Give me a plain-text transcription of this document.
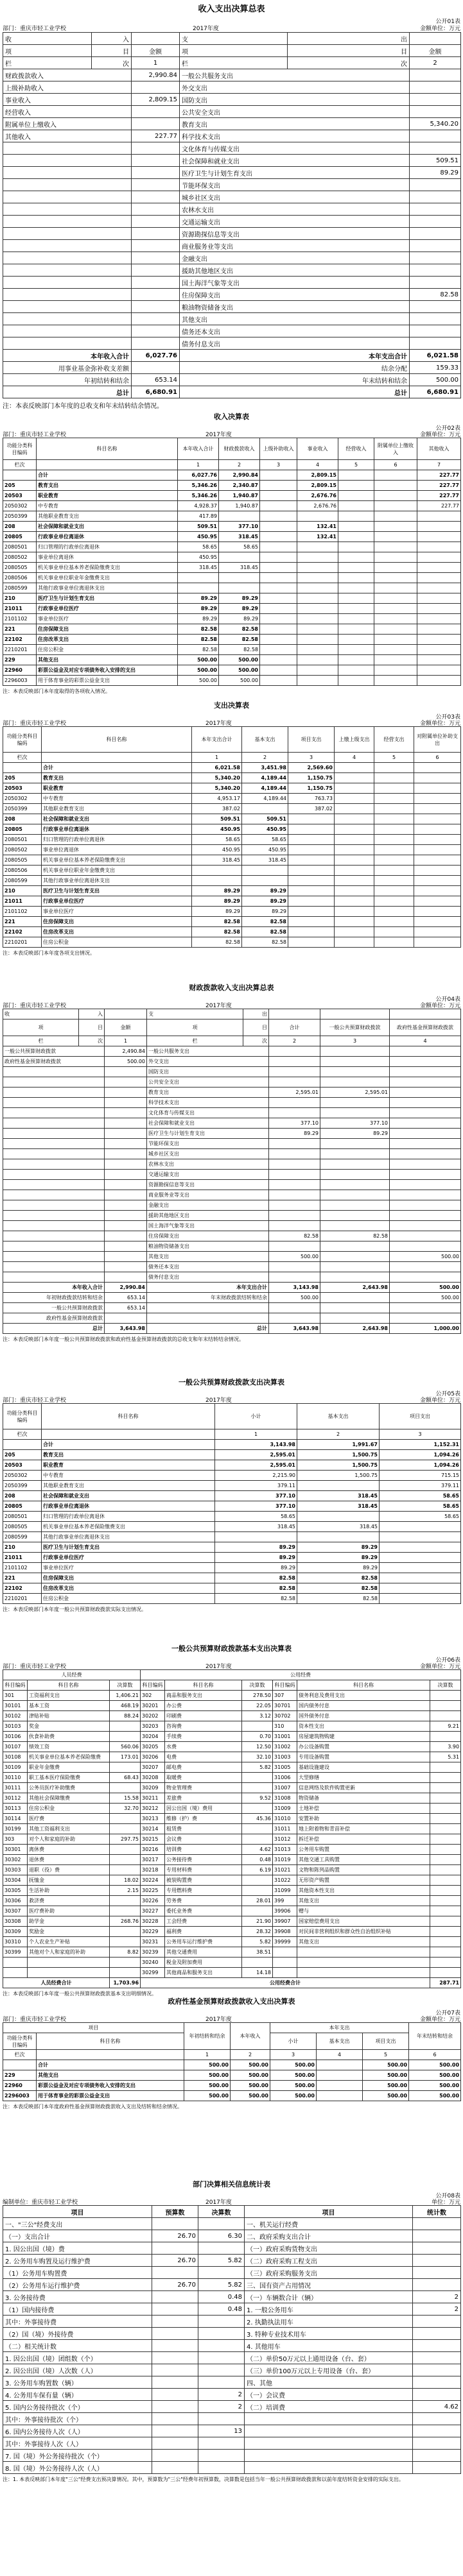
收入支出决算总表
公开01表
部门：重庆市轻工业学校	2017年度	金额单位：万元
收	入		支	出	
项	目	金额	项	目	金额
栏	次	1	栏	次	2
财政拨款收入		2,990.84	一般公共服务支出		
上级补助收入			外交支出		
事业收入		2,809.15	国防支出		
经营收入			公共安全支出		
附属单位上缴收入			教育支出		5,340.20
其他收入		227.77	科学技术支出		
			文化体育与传媒支出		
			社会保障和就业支出		509.51
			医疗卫生与计划生育支出		89.29
			节能环保支出		
			城乡社区支出		
			农林水支出		
			交通运输支出		
			资源勘探信息等支出		
			商业服务业等支出		
			金融支出		
			援助其他地区支出		
			国土海洋气象等支出		
			住房保障支出		82.58
			粮油物资储备支出		
			其他支出		
			债务还本支出		
			债务付息支出		
本年收入合计		6,027.76	本年支出合计		6,021.58
用事业基金弥补收支差额			结余分配		159.33
年初结转和结余		653.14	年末结转和结余		500.00
总计		6,680.91	总计		6,680.91
注：本表反映部门本年度的总收支和年末结转结余情况。
收入决算表
公开02表
部门：重庆市轻工业学校	2017年度	金额单位：万元
功能分类科目编码	科目名称	本年收入合计	财政拨款收入	上级补助收入	事业收入	经营收入	附属单位上缴收入	其他收入
栏次		1	2	3	4	5	6	7
	合计	6,027.76	2,990.84		2,809.15			227.77
205	教育支出	5,346.26	2,340.87		2,809.15			227.77
20503	职业教育	5,346.26	1,940.87		2,676.76			227.77
2050302	中专教育	4,928.37	1,940.87		2,676.76			227.77
2050399	其他职业教育支出	417.89						
208	社会保障和就业支出	509.51	377.10		132.41			
20805	行政事业单位离退休	450.95	318.45		132.41			
2080501	归口管理的行政单位离退休	58.65	58.65					
2080502	事业单位离退休	450.95						
2080505	机关事业单位基本养老保险缴费支出	318.45	318.45					
2080506	机关事业单位职业年金缴费支出							
2080599	其他行政事业单位离退休支出							
210	医疗卫生与计划生育支出	89.29	89.29					
21011	行政事业单位医疗	89.29	89.29					
2101102	事业单位医疗	89.29	89.29					
221	住房保障支出	82.58	82.58					
22102	住房改革支出	82.58	82.58					
2210201	住房公积金	82.58	82.58					
229	其他支出	500.00	500.00					
22960	彩票公益金及对应专项债务收入安排的支出	500.00	500.00					
2296003	用于体育事业的彩票公益金支出	500.00	500.00					
注：本表反映部门本年度取得的各项收入情况。
支出决算表
公开03表
部门：重庆市轻工业学校	2017年度	金额单位：万元
功能分类科目编码	科目名称	本年支出合计	基本支出	项目支出	上缴上级支出	经营支出	对附属单位补助支出
栏次		1	2	3	4	5	6
	合计	6,021.58	3,451.98	2,569.60			
205	教育支出	5,340.20	4,189.44	1,150.75			
20503	职业教育	5,340.20	4,189.44	1,150.75			
2050302	中专教育	4,953.17	4,189.44	763.73			
2050399	其他职业教育支出	387.02		387.02			
208	社会保障和就业支出	509.51	509.51				
20805	行政事业单位离退休	450.95	450.95				
2080501	归口管理的行政单位离退休	58.65	58.65				
2080502	事业单位离退休	450.95	450.95				
2080505	机关事业单位基本养老保险缴费支出	318.45	318.45				
2080506	机关事业单位职业年金缴费支出						
2080599	其他行政事业单位离退休支出						
210	医疗卫生与计划生育支出	89.29	89.29				
21011	行政事业单位医疗	89.29	89.29				
2101102	事业单位医疗	89.29	89.29				
221	住房保障支出	82.58	82.58				
22102	住房改革支出	82.58	82.58				
2210201	住房公积金	82.58	82.58				
注：本表反映部门本年度各项支出情况。
财政拨款收入支出决算总表
公开04表
部门：重庆市轻工业学校	2017年度	金额单位：万元
收	入		支	出			
项	目	金额	项	目	合计	一般公共预算财政拨款	政府性基金预算财政拨款
栏	次	1	栏	次	2	3	4
一般公共预算财政拨款		2,490.84	一般公共服务支出				
政府性基金预算财政拨款		500.00	外交支出				
			国防支出				
			公共安全支出				
			教育支出		2,595.01	2,595.01	
			科学技术支出				
			文化体育与传媒支出				
			社会保障和就业支出		377.10	377.10	
			医疗卫生与计划生育支出		89.29	89.29	
			节能环保支出				
			城乡社区支出				
			农林水支出				
			交通运输支出				
			资源勘探信息等支出				
			商业服务业等支出				
			金融支出				
			援助其他地区支出				
			国土海洋气象等支出				
			住房保障支出		82.58	82.58	
			粮油物资储备支出				
			其他支出		500.00		500.00
			债务还本支出				
			债务付息支出				
本年收入合计		2,990.84	本年支出合计		3,143.98	2,643.98	500.00
年初财政拨款结转和结余		653.14	年末财政拨款结转和结余		500.00		500.00
一般公共预算财政拨款		653.14					
政府性基金预算财政拨款							
总计		3,643.98	总计		3,643.98	2,643.98	1,000.00
注：本表反映部门本年度一般公共预算财政拨款和政府性基金预算财政拨款的总收支和年末结转结余情况。
一般公共预算财政拨款支出决算表
公开05表
部门：重庆市轻工业学校	2017年度	金额单位：万元
功能分类科目编码	科目名称	小计	基本支出	项目支出
栏次		1	2	3
	合计	3,143.98	1,991.67	1,152.31
205	教育支出	2,595.01	1,500.75	1,094.26
20503	职业教育	2,595.01	1,500.75	1,094.26
2050302	中专教育	2,215.90	1,500.75	715.15
2050399	其他职业教育支出	379.11		379.11
208	社会保障和就业支出	377.10	318.45	58.65
20805	行政事业单位离退休	377.10	318.45	58.65
2080501	归口管理的行政单位离退休	58.65		58.65
2080505	机关事业单位基本养老保险缴费支出	318.45	318.45	
2080599	其他行政事业单位离退休支出			
210	医疗卫生与计划生育支出	89.29	89.29	
21011	行政事业单位医疗	89.29	89.29	
2101102	事业单位医疗	89.29	89.29	
221	住房保障支出	82.58	82.58	
22102	住房改革支出	82.58	82.58	
2210201	住房公积金	82.58	82.58	
注：本表反映部门本年度一般公共预算财政拨款实际支出情况。
一般公共预算财政拨款基本支出决算表
公开06表
部门：重庆市轻工业学校	2017年度	金额单位：万元
人员经费			公用经费					
科目编码	科目名称	决算数	科目编码	科目名称	决算数	科目编码	科目名称	决算数
301	工资福利支出	1,406.21	302	商品和服务支出	278.50	307	债务利息及费用支出	
30101	基本工资	468.19	30201	办公费	22.05	30701	国内债务付息	
30102	津贴补贴	88.24	30202	印刷费	3.12	30702	国外债务付息	
30103	奖金		30203	咨询费		310	资本性支出	9.21
30106	伙食补助费		30204	手续费	0.70	31001	房屋建筑物购建	
30107	绩效工资	560.06	30205	水费	12.50	31002	办公设备购置	3.90
30108	机关事业单位基本养老保险缴费	173.01	30206	电费	32.10	31003	专用设备购置	5.31
30109	职业年金缴费		30207	邮电费	5.82	31005	基础设施建设	
30110	职工基本医疗保险缴费	68.43	30208	取暖费		31006	大型修缮	
30111	公务员医疗补助缴费		30209	物业管理费		31007	信息网络及软件购置更新	
30112	其他社会保障缴费	15.58	30211	差旅费	9.52	31008	物资储备	
30113	住房公积金	32.70	30212	因公出国（境）费用		31009	土地补偿	
30114	医疗费		30213	维修（护）费	45.36	31010	安置补助	
30199	其他工资福利支出		30214	租赁费		31011	地上附着物和青苗补偿	
303	对个人和家庭的补助	297.75	30215	会议费		31012	拆迁补偿	
30301	离休费		30216	培训费	4.62	31013	公务用车购置	
30302	退休费		30217	公务接待费	0.48	31019	其他交通工具购置	
30303	退职（役）费		30218	专用材料费	6.19	31021	文物和陈列品购置	
30304	抚恤金	18.02	30224	被装购置费		31022	无形资产购置	
30305	生活补助	2.15	30225	专用燃料费		31099	其他资本性支出	
30306	救济费		30226	劳务费	28.01	399	其他支出	
30307	医疗费补助		30227	委托业务费		39906	赠与	
30308	助学金	268.76	30228	工会经费	21.90	39907	国家赔偿费用支出	
30309	奖励金		30229	福利费	28.32	39908	对民间非营利组织和群众性自治组织补贴	
30310	个人农业生产补贴		30231	公务用车运行维护费	5.82	39999	其他支出	
30399	其他对个人和家庭的补助	8.82	30239	其他交通费用	38.51			
			30240	税金及附加费用				
			30299	其他商品和服务支出	14.18			
人员经费合计		1,703.96	公用经费合计					287.71
注：本表反映部门本年度一般公共预算财政拨款基本支出明细情况。
政府性基金预算财政拨款收入支出决算表
公开07表
部门：重庆市轻工业学校	2017年度	金额单位：万元
项目		年初结转和结余	本年收入	本年支出			年末结转和结余
功能分类科目编码	科目名称			小计	基本支出	项目支出	
栏次		1	2	3	4	5	6
	合计	500.00	500.00	500.00		500.00	500.00
229	其他支出	500.00	500.00	500.00		500.00	500.00
22960	彩票公益金及对应专项债务收入安排的支出	500.00	500.00	500.00		500.00	500.00
2296003	用于体育事业的彩票公益金支出	500.00	500.00	500.00		500.00	500.00
注：本表反映部门本年度政府性基金预算财政拨款收入支出及结转和结余情况。
部门决算相关信息统计表
公开08表
编制单位：重庆市轻工业学校	2017年度	单位：万元
项目	预算数	决算数	项目	统计数
一、"三公"经费支出			一、机关运行经费	
（一）支出合计	26.70	6.30	二、政府采购支出合计	
1. 因公出国（境）费			（一）政府采购货物支出	
2. 公务用车购置及运行维护费	26.70	5.82	（二）政府采购工程支出	
（1）公务用车购置费			（三）政府采购服务支出	
（2）公务用车运行维护费	26.70	5.82	三、国有资产占用情况	
3. 公务接待费		0.48	（一）车辆数合计（辆）	2
（1）国内接待费		0.48	1. 一般公务用车	2
其中：外事接待费			2. 执勤执法用车	
（2）国（境）外接待费			3. 特种专业技术用车	
（二）相关统计数			4. 其他用车	
1. 因公出国（境）团组数（个）			（二）单价50万元以上通用设备（台、套）	
2. 因公出国（境）人次数（人）			（三）单价100万元以上专用设备（台、套）	
3. 公务用车购置数（辆）			四、其他	
4. 公务用车保有量（辆）		2	（一）会议费	
5. 国内公务接待批次（个）		2	（二）培训费	4.62
其中：外事接待批次（个）				
6. 国内公务接待人次（人）		13		
其中：外事接待人次（人）				
7. 国（境）外公务接待批次（个）				
8. 国（境）外公务接待人次（人）				
注：1. 本表反映部门本年度"三公"经费支出预决算情况。其中，预算数为"三公"经费年初预算数，决算数是包括当年一般公共预算财政拨款和以前年度结转资金安排的实际支出。
